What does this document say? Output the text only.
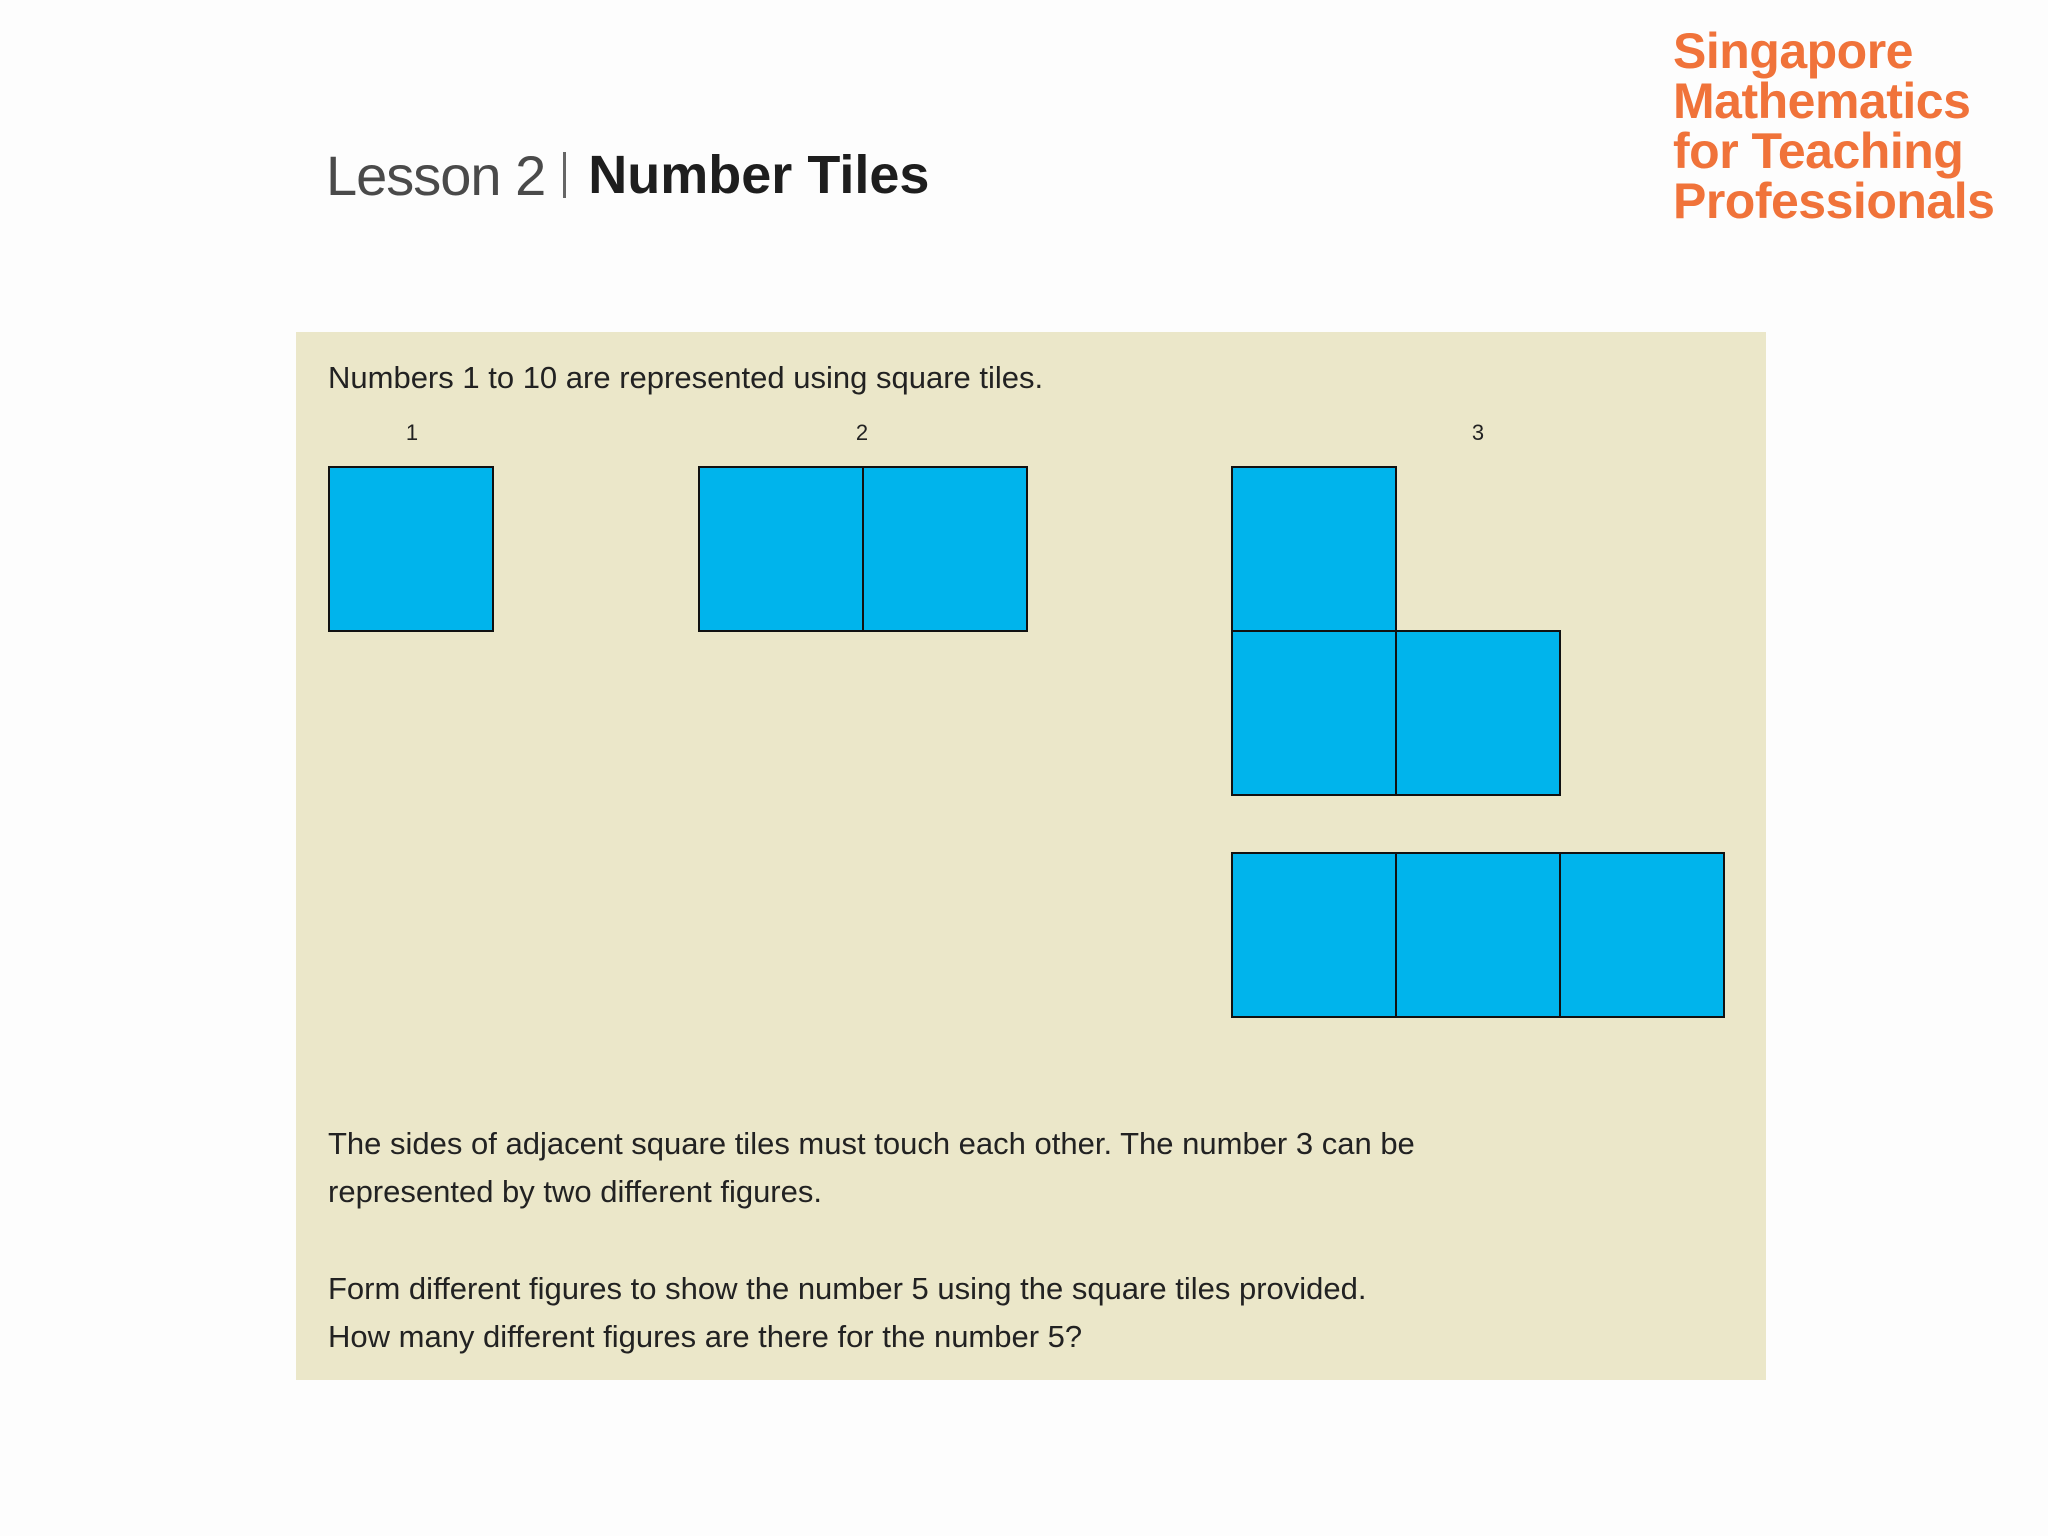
Lesson 2 Number Tiles
Singapore
Mathematics
for Teaching
Professionals
Numbers 1 to 10 are represented using square tiles.
1	2	3
The sides of adjacent square tiles must touch each other. The number 3 can be
represented by two different figures.
Form different figures to show the number 5 using the square tiles provided.
How many different figures are there for the number 5?
